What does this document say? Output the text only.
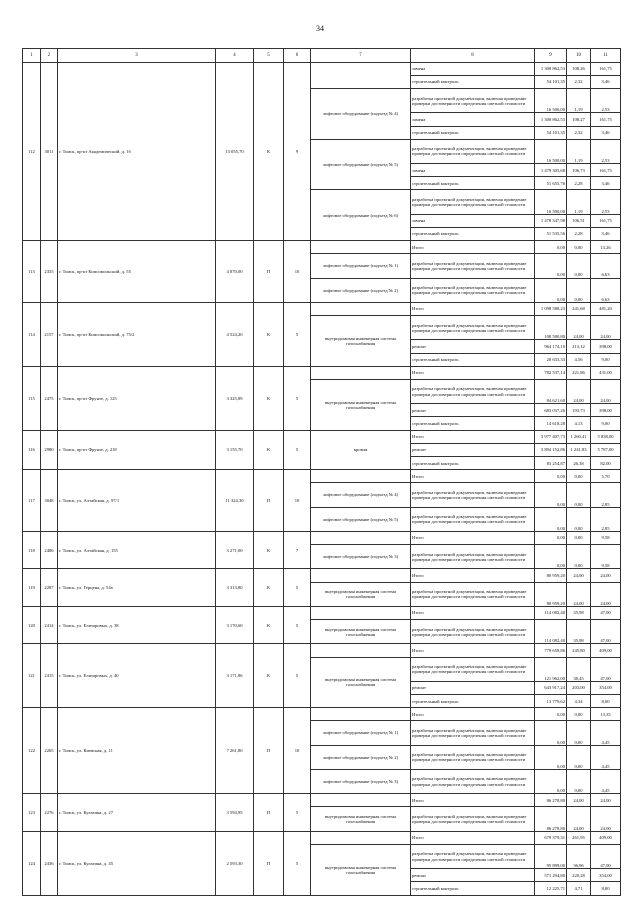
34
1	2	3	4	5	6	7	8	9	10	11
112	3011	г. Томск, пр-кт Академический, д. 1б	13 055,70	К	9		замена	1 300 862,53	108,26	161,75
							строительный контроль	54 101,35	2,32	3,46
						лифтовое оборудование (подъезд № 4)	разработка проектной документации, включая проведение проверки достоверности определения сметной стоимости	16 500,00	1,19	2,53
							замена	1 300 862,53	108,27	161,75
							строительный контроль	54 101,35	2,32	3,46
						лифтовое оборудование (подъезд № 5)	разработка проектной документации, включая проведение проверки достоверности определения сметной стоимости	16 500,00	1,19	2,53
							замена	1 479 305,68	106,73	161,75
							строительный контроль	51 655,76	2,28	3,46
						лифтовое оборудование (подъезд № 6)	разработка проектной документации, включая проведение проверки достоверности определения сметной стоимости	16 500,00	1,19	2,53
							замена	1 478 347,98	106,51	161,75
							строительный контроль	51 535,56	2,28	3,46
113	2355	г. Томск, пр-кт Комсомольский, д. 55	4 870,00	П	10		Итого	0,00	0,00	13,26
						лифтовое оборудование (подъезд № 1)	разработка проектной документации, включая проведение проверки достоверности определения сметной стоимости	0,00	0,00	6,63
						лифтовое оборудование (подъезд № 2)	разработка проектной документации, включая проведение проверки достоверности определения сметной стоимости	0,00	0,00	6,63
114	2157	г. Томск, пр-кт Комсомольский, д. 75/2	4 524,20	К	5		Итого	1 098 588,23	241,68	481,20
						внутридомовая инженерная система газоснабжения	разработка проектной документации, включая проведение проверки достоверности определения сметной стоимости	108 580,80	24,00	24,00
							ремонт	964 174,10	213,12	398,00
							строительный контроль	20 633,33	4,56	9,00
115	2475	г. Томск, пр-кт Фрунзе, д. 125	3 325,89	К	5		Итого	782 537,14	221,86	431,00
						внутридомовая инженерная система газоснабжения	разработка проектной документации, включая проведение проверки достоверности определения сметной стоимости	84 621,60	24,00	24,00
							ремонт	683 037,26	193,73	398,00
							строительный контроль	14 618,28	4,13	9,00
116	2980	г. Томск, пр-кт Фрунзе, д. 218	3 155,70	К	5	кровля	Итого	3 977 407,73	1 260,41	5 838,00
							ремонт	3 894 152,86	1 241,83	5 787,00
							строительный контроль	83 254,87	26,38	82,00
117	3048	г. Томск, ул. Алтайская, д. 97/1	11 324,30	П	10		Итого	0,00	0,00	5,70
						лифтовое оборудование (подъезд № 4)	разработка проектной документации, включая проведение проверки достоверности определения сметной стоимости	0,00	0,00	2,85
						лифтовое оборудование (подъезд № 5)	разработка проектной документации, включая проведение проверки достоверности определения сметной стоимости	0,00	0,00	2,85
118	2406	г. Томск, ул. Алтайская, д. 155	3 271,00	К	7		Итого	0,00	0,00	9,58
						лифтовое оборудование (подъезд № 3)	разработка проектной документации, включая проведение проверки достоверности определения сметной стоимости	0,00	0,00	9,58
119	2287	г. Томск, ул. Герцена, д. 54а	3 313,80	К	5		Итого	80 959,20	24,00	24,00
						внутридомовая инженерная система газоснабжения	разработка проектной документации, включая проведение проверки достоверности определения сметной стоимости	80 959,20	24,00	24,00
120	2414	г. Томск, ул. Елизаровых, д. 38	3 170,60	К	5		Итого	114 082,40	35,98	47,00
						внутридомовая инженерная система газоснабжения	разработка проектной документации, включая проведение проверки достоверности определения сметной стоимости	114 082,40	35,98	47,00
121	2415	г. Томск, ул. Елизаровых, д. 40	3 171,86	К	5		Итого	779 658,86	245,80	409,00
						внутридомовая инженерная система газоснабжения	разработка проектной документации, включая проведение проверки достоверности определения сметной стоимости	121 962,00	38,45	47,00
							ремонт	643 917,24	203,00	354,00
							строительный контроль	13 779,62	4,34	8,00
122	2265	г. Томск, ул. Киевская, д. 11	7 261,80	П	10		Итого	0,00	0,00	13,35
						лифтовое оборудование (подъезд № 1)	разработка проектной документации, включая проведение проверки достоверности определения сметной стоимости	0,00	0,00	4,45
						лифтовое оборудование (подъезд № 2)	разработка проектной документации, включая проведение проверки достоверности определения сметной стоимости	0,00	0,00	4,45
						лифтовое оборудование (подъезд № 3)	разработка проектной документации, включая проведение проверки достоверности определения сметной стоимости	0,00	0,00	4,45
123	2276	г. Томск, ул. Кулагина, д. 27	3 594,95	П	5		Итого	86 278,80	24,00	24,00
						внутридомовая инженерная система газоснабжения	разработка проектной документации, включая проведение проверки достоверности определения сметной стоимости	86 278,80	24,00	24,00
124	2436	г. Томск, ул. Кулагина, д. 45	2 593,30	П	5		Итого	679 379,31	261,95	409,00
						внутридомовая инженерная система газоснабжения	разработка проектной документации, включая проведение проверки достоверности определения сметной стоимости	95 899,00	36,96	47,00
							ремонт	571 294,80	220,28	354,00
							строительный контроль	12 225,71	4,71	8,00
